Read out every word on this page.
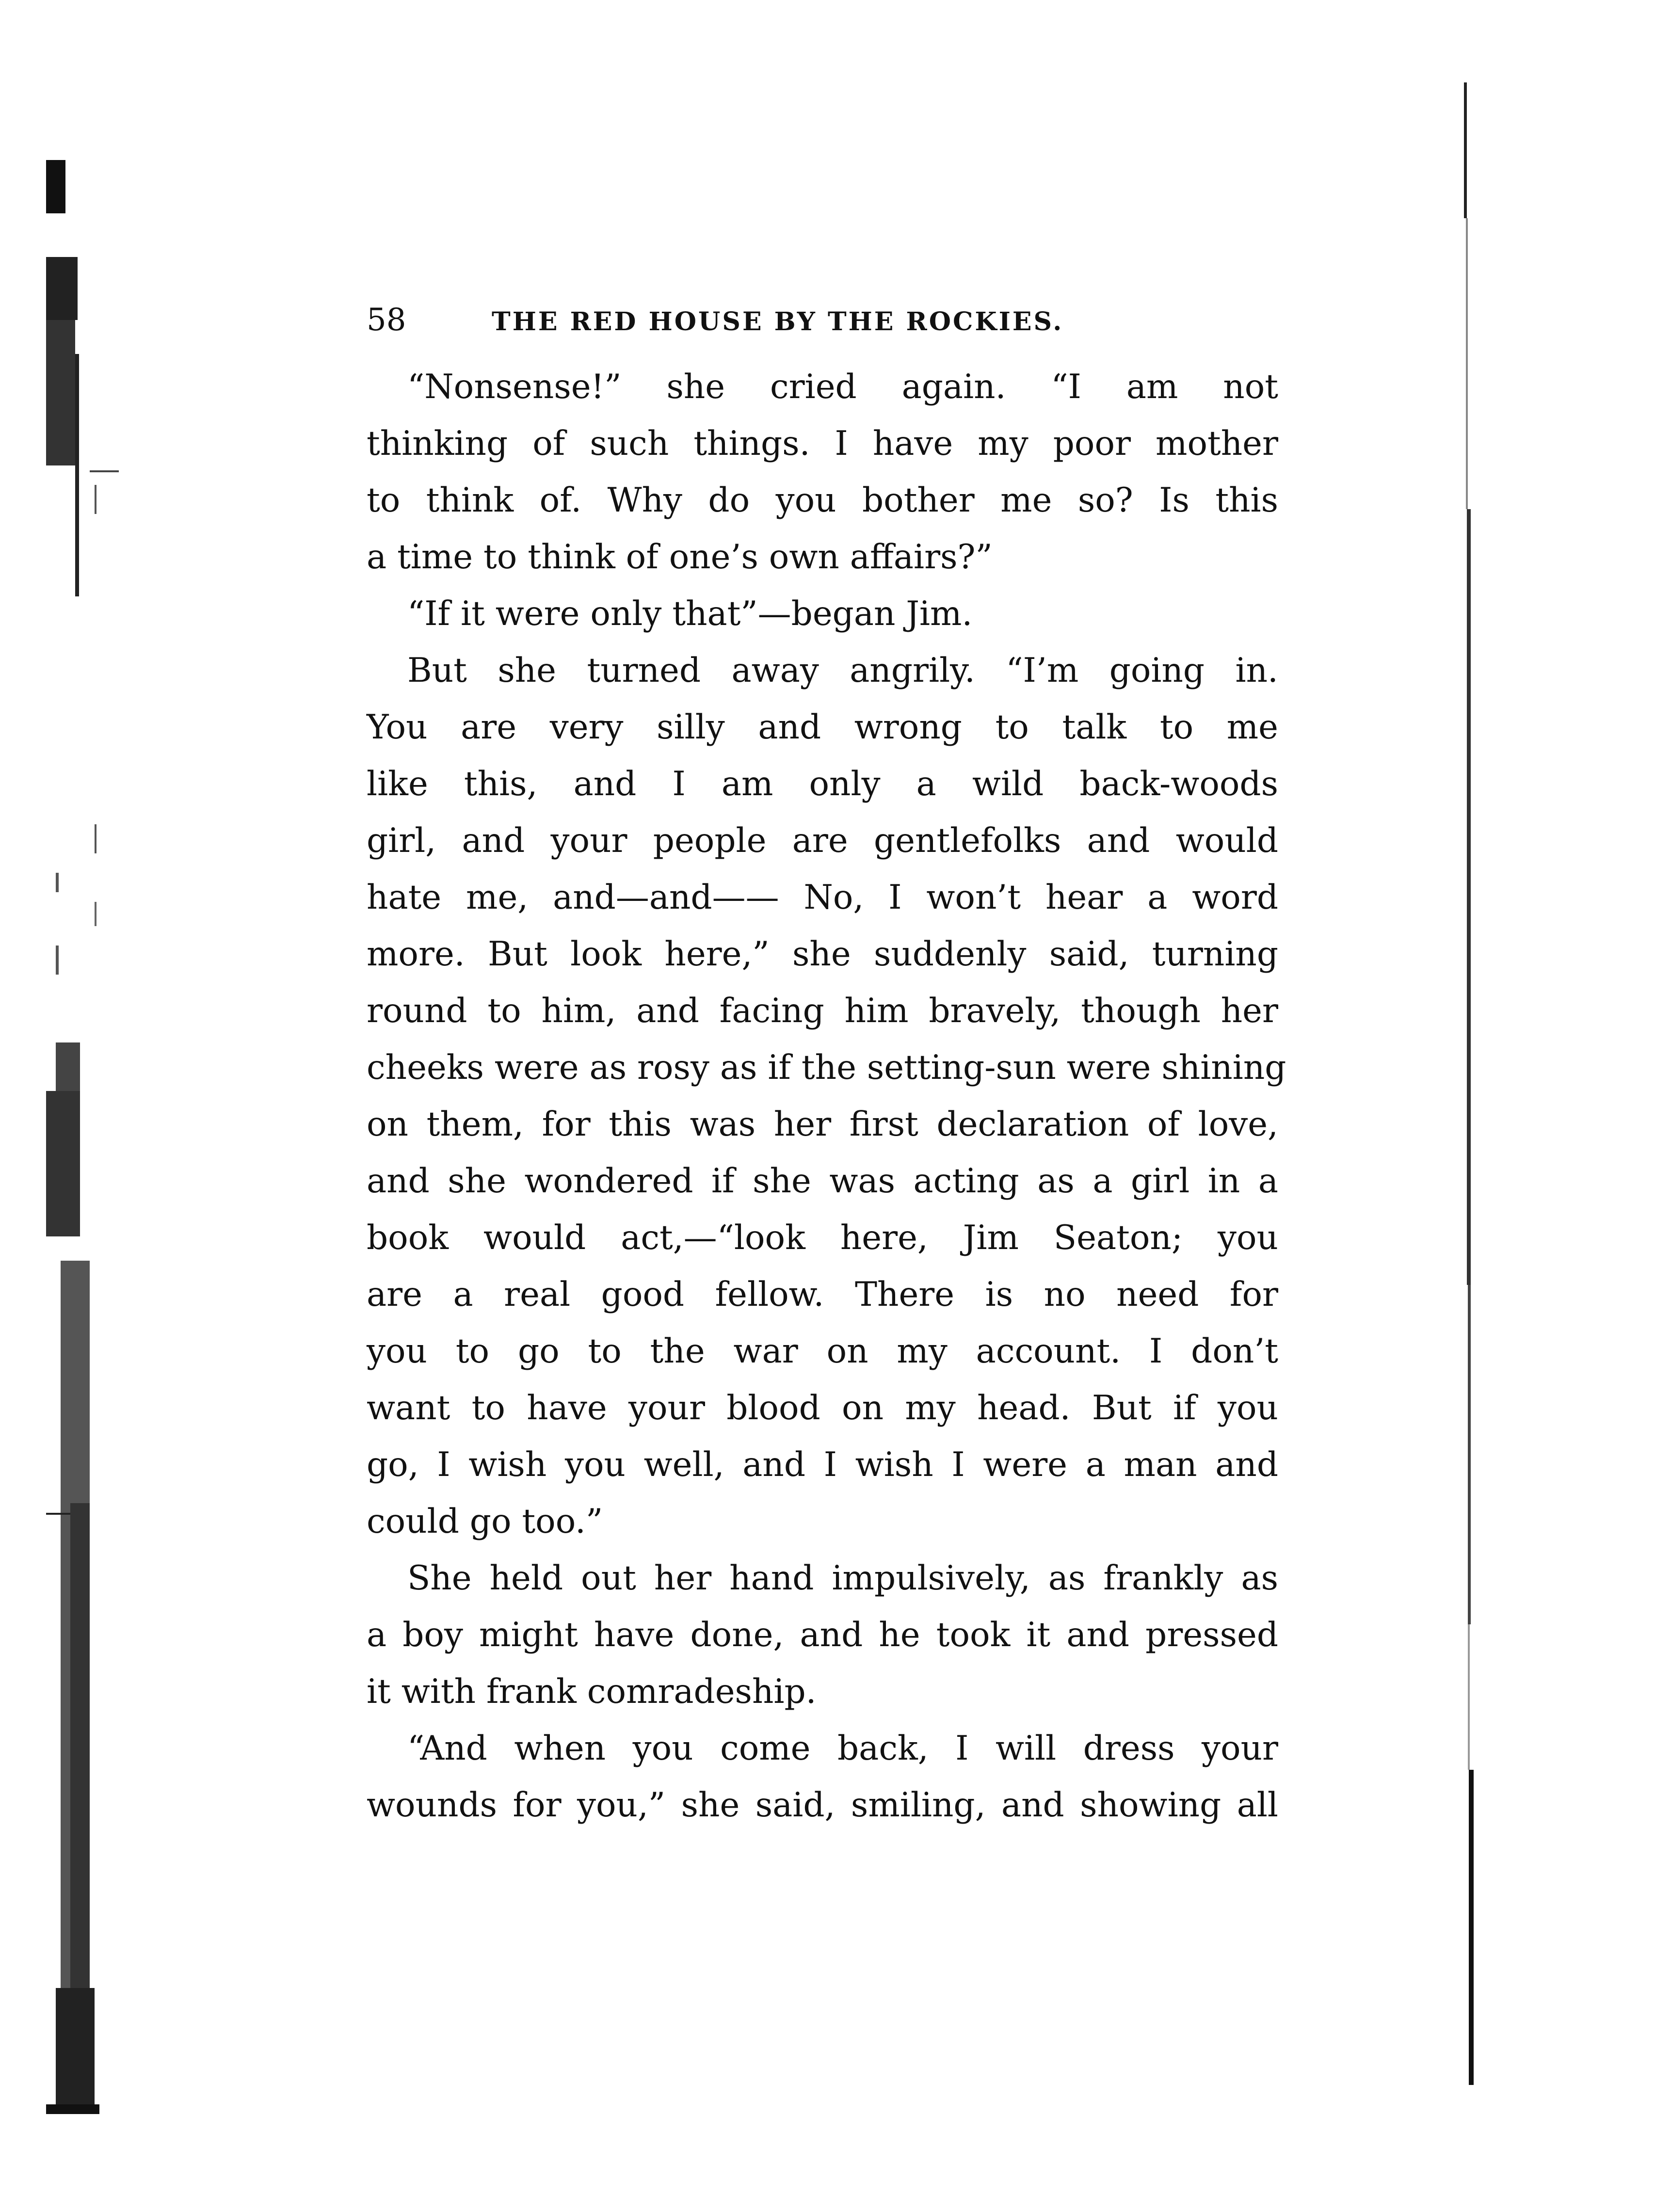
58	THE RED HOUSE BY THE ROCKIES.
“Nonsense!” she cried again. “I am not
thinking of such things. I have my poor mother
to think of. Why do you bother me so? Is this
a time to think of one’s own affairs?”
“If it were only that”—began Jim.
But she turned away angrily. “I’m going in.
You are very silly and wrong to talk to me
like this, and I am only a wild back-woods
girl, and your people are gentlefolks and would
hate me, and—and—— No, I won’t hear a word
more. But look here,” she suddenly said, turning
round to him, and facing him bravely, though her
cheeks were as rosy as if the setting-sun were shining
on them, for this was her first declaration of love,
and she wondered if she was acting as a girl in a
book would act,—“look here, Jim Seaton; you
are a real good fellow. There is no need for
you to go to the war on my account. I don’t
want to have your blood on my head. But if you
go, I wish you well, and I wish I were a man and
could go too.”
She held out her hand impulsively, as frankly as
a boy might have done, and he took it and pressed
it with frank comradeship.
“And when you come back, I will dress your
wounds for you,” she said, smiling, and showing all
